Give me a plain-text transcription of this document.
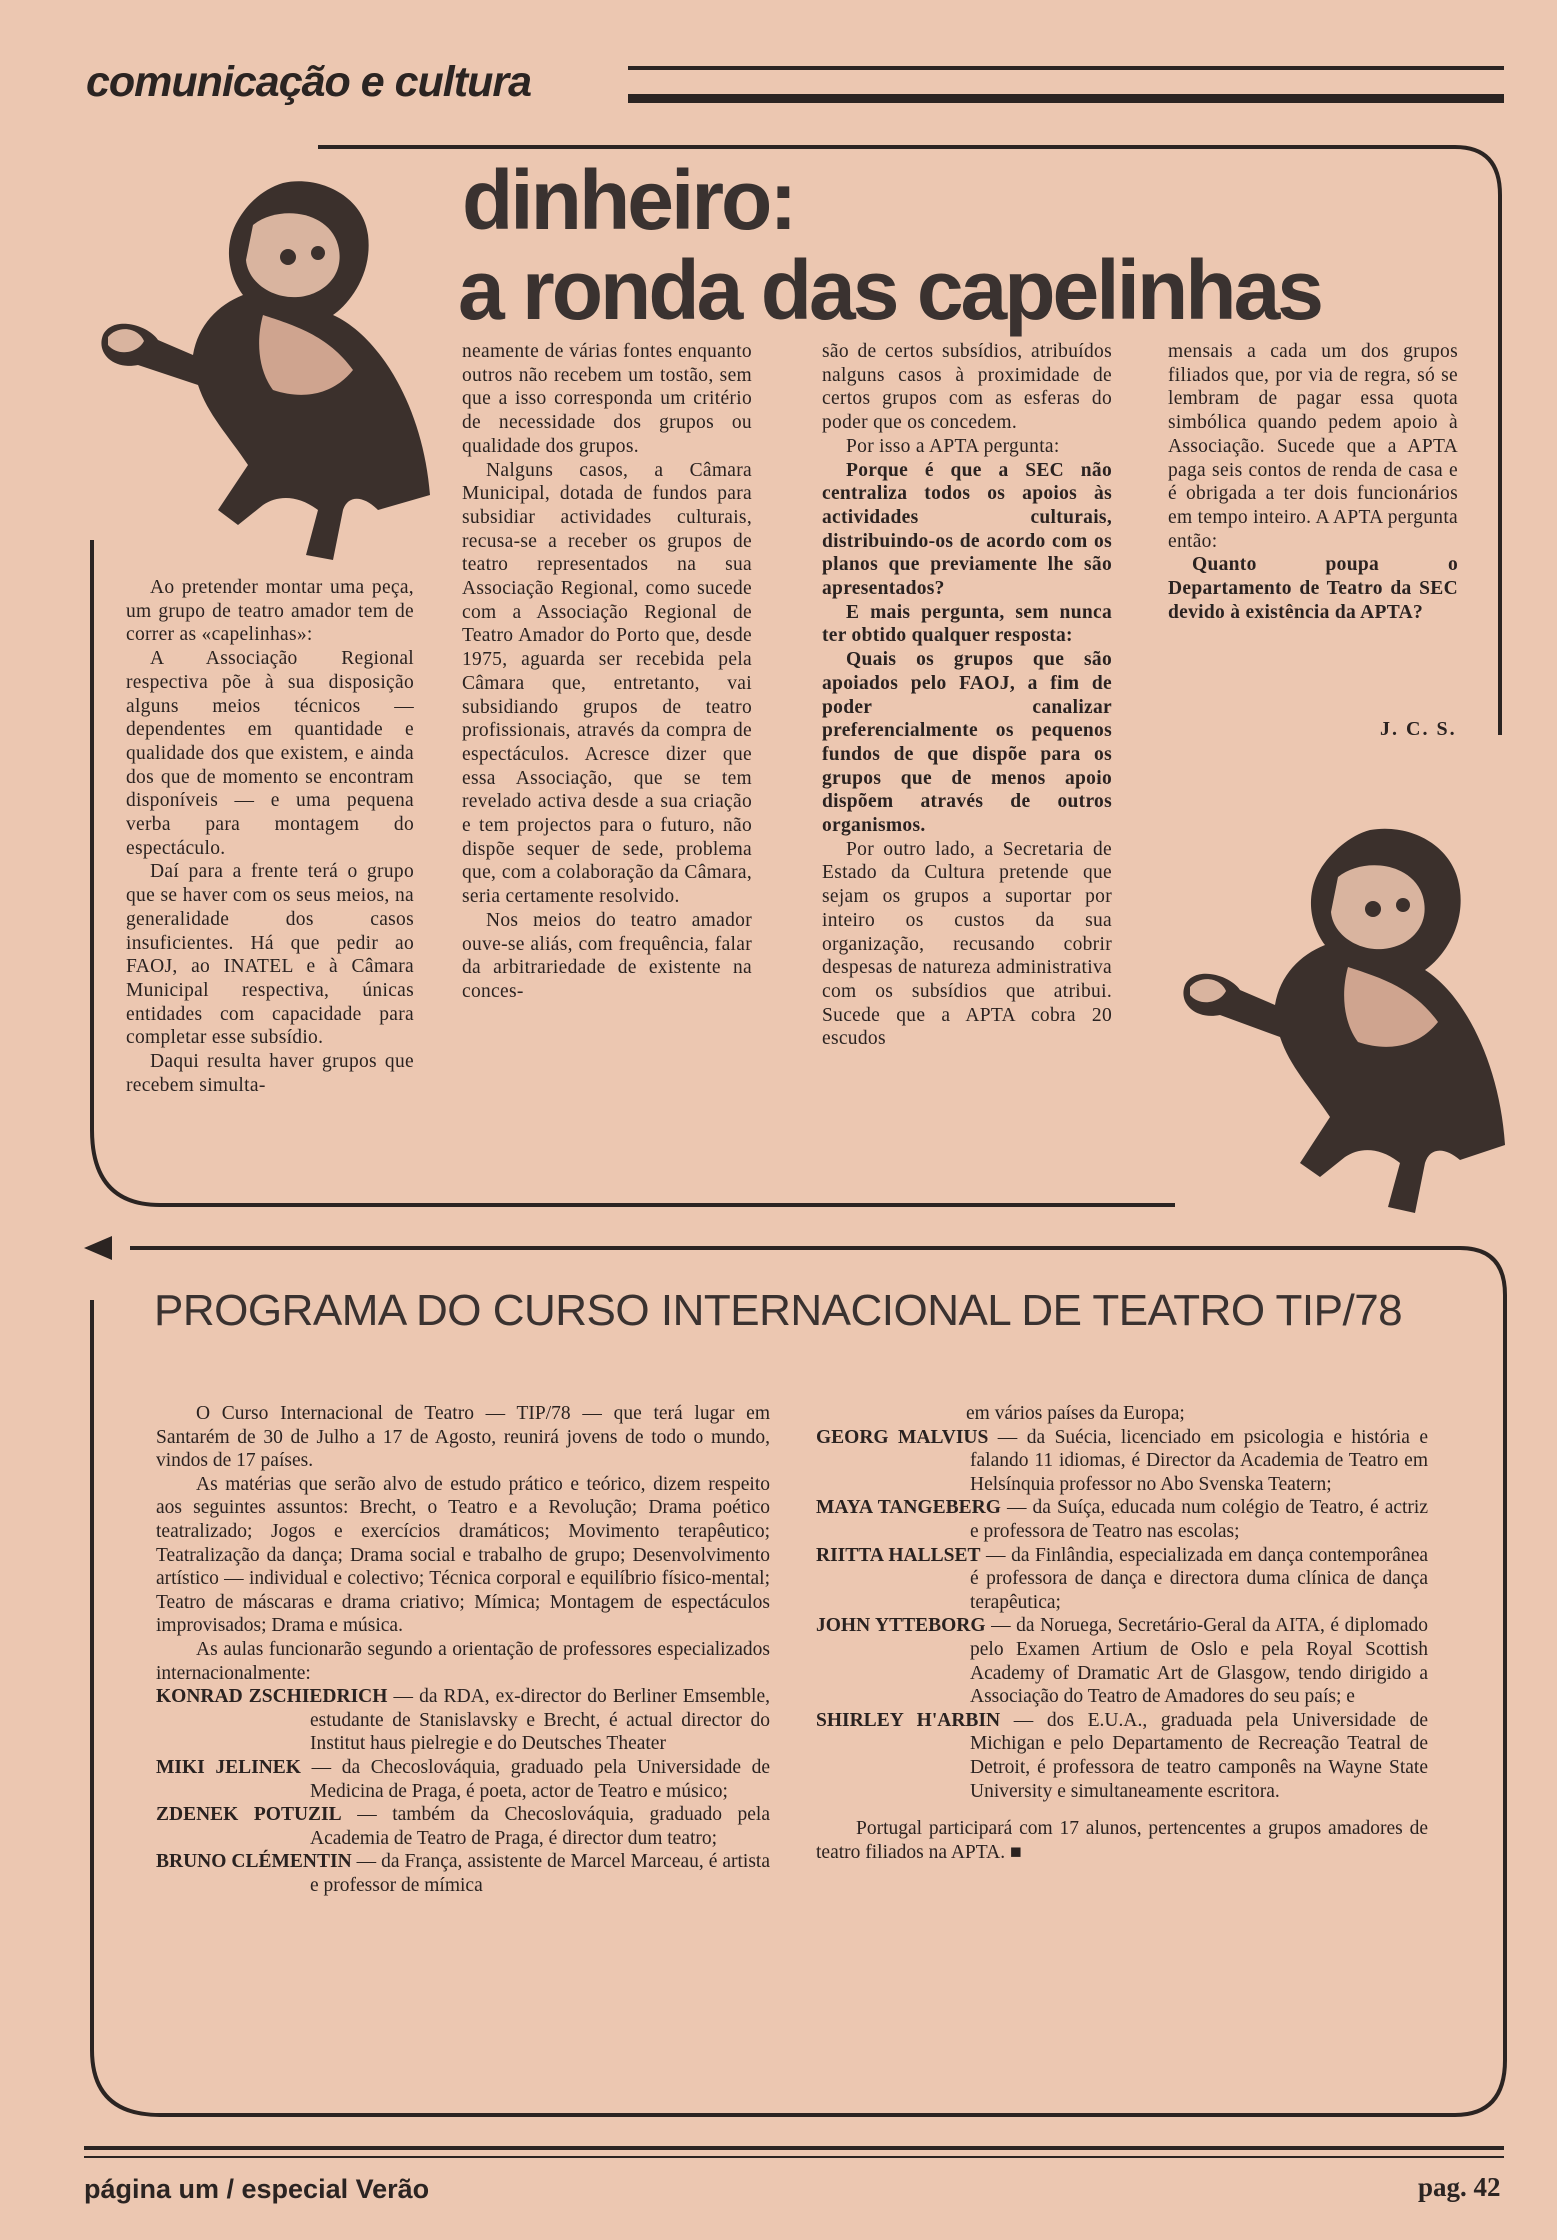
comunicação e cultura
dinheiro:
a ronda das capelinhas

Ao pretender montar uma peça, um grupo de teatro amador tem de correr as «capelinhas»:

A Associação Regional respectiva põe à sua disposição alguns meios técnicos — dependentes em quantidade e qualidade dos que existem, e ainda dos que de momento se encontram disponíveis — e uma pequena verba para montagem do espectáculo.

Daí para a frente terá o grupo que se haver com os seus meios, na generalidade dos casos insuficientes. Há que pedir ao FAOJ, ao INATEL e à Câmara Municipal respectiva, únicas entidades com capacidade para completar esse subsídio.

Daqui resulta haver grupos que recebem simulta-

neamente de várias fontes enquanto outros não recebem um tostão, sem que a isso corresponda um critério de necessidade dos grupos ou qualidade dos grupos.

Nalguns casos, a Câmara Municipal, dotada de fundos para subsidiar actividades culturais, recusa-se a receber os grupos de teatro representados na sua Associação Regional, como sucede com a Associação Regional de Teatro Amador do Porto que, desde 1975, aguarda ser recebida pela Câmara que, entretanto, vai subsidiando grupos de teatro profissionais, através da compra de espectáculos. Acresce dizer que essa Associação, que se tem revelado activa desde a sua criação e tem projectos para o futuro, não dispõe sequer de sede, problema que, com a colaboração da Câmara, seria certamente resolvido.

Nos meios do teatro amador ouve-se aliás, com frequência, falar da arbitrariedade de existente na conces-

são de certos subsídios, atribuídos nalguns casos à proximidade de certos grupos com as esferas do poder que os concedem.

Por isso a APTA pergunta:

Porque é que a SEC não centraliza todos os apoios às actividades culturais, distribuindo-os de acordo com os planos que previamente lhe são apresentados?

E mais pergunta, sem nunca ter obtido qualquer resposta:

Quais os grupos que são apoiados pelo FAOJ, a fim de poder canalizar preferencialmente os pequenos fundos de que dispõe para os grupos que de menos apoio dispõem através de outros organismos.

Por outro lado, a Secretaria de Estado da Cultura pretende que sejam os grupos a suportar por inteiro os custos da sua organização, recusando cobrir despesas de natureza administrativa com os subsídios que atribui. Sucede que a APTA cobra 20 escudos

mensais a cada um dos grupos filiados que, por via de regra, só se lembram de pagar essa quota simbólica quando pedem apoio à Associação. Sucede que a APTA paga seis contos de renda de casa e é obrigada a ter dois funcionários em tempo inteiro. A APTA pergunta então:

Quanto poupa o Departamento de Teatro da SEC devido à existência da APTA?

J. C. S.
PROGRAMA DO CURSO INTERNACIONAL DE TEATRO TIP/78

O Curso Internacional de Teatro — TIP/78 — que terá lugar em Santarém de 30 de Julho a 17 de Agosto, reunirá jovens de todo o mundo, vindos de 17 países.

As matérias que serão alvo de estudo prático e teórico, dizem respeito aos seguintes assuntos: Brecht, o Teatro e a Revolução; Drama poético teatralizado; Jogos e exercícios dramáticos; Movimento terapêutico; Teatralização da dança; Drama social e trabalho de grupo; Desenvolvimento artístico — individual e colectivo; Técnica corporal e equilíbrio físico-mental; Teatro de máscaras e drama criativo; Mímica; Montagem de espectáculos improvisados; Drama e música.

As aulas funcionarão segundo a orientação de professores especializados internacionalmente:

KONRAD ZSCHIEDRICH — da RDA, ex-director do Berliner Emsemble, estudante de Stanislavsky e Brecht, é actual director do Institut haus pielregie e do Deutsches Theater

MIKI JELINEK — da Checoslováquia, graduado pela Universidade de Medicina de Praga, é poeta, actor de Teatro e músico;

ZDENEK POTUZIL — também da Checoslováquia, graduado pela Academia de Teatro de Praga, é director dum teatro;

BRUNO CLÉMENTIN — da França, assistente de Marcel Marceau, é artista e professor de mímica

em vários países da Europa;

GEORG MALVIUS — da Suécia, licenciado em psicologia e história e falando 11 idiomas, é Director da Academia de Teatro em Helsínquia professor no Abo Svenska Teatern;

MAYA TANGEBERG — da Suíça, educada num colégio de Teatro, é actriz e professora de Teatro nas escolas;

RIITTA HALLSET — da Finlândia, especializada em dança contemporânea é professora de dança e directora duma clínica de dança terapêutica;

JOHN YTTEBORG — da Noruega, Secretário-Geral da AITA, é diplomado pelo Examen Artium de Oslo e pela Royal Scottish Academy of Dramatic Art de Glasgow, tendo dirigido a Associação do Teatro de Amadores do seu país; e

SHIRLEY H'ARBIN — dos E.U.A., graduada pela Universidade de Michigan e pelo Departamento de Recreação Teatral de Detroit, é professora de teatro camponês na Wayne State University e simultaneamente escritora.

Portugal participará com 17 alunos, pertencentes a grupos amadores de teatro filiados na APTA. ■

página um / especial Verão	pag. 42
